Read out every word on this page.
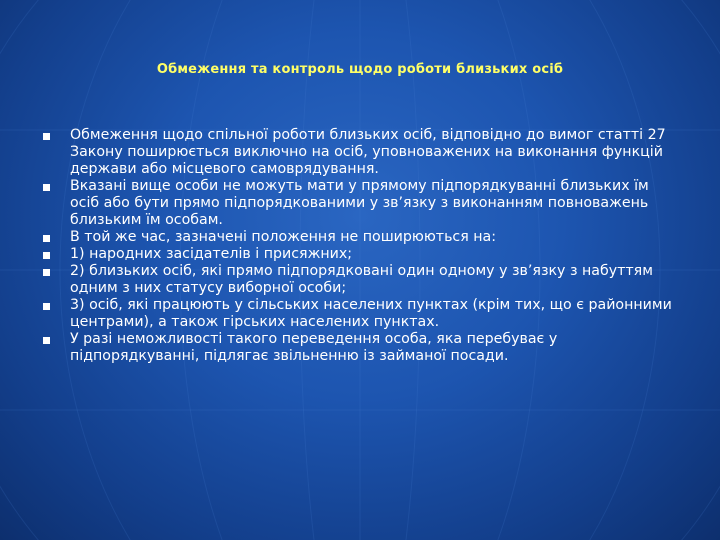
Обмеження та контроль щодо роботи близьких осіб
Обмеження щодо спільної роботи близьких осіб, відповідно до вимог статті 27 Закону поширюється виключно на осіб, уповноважених на виконання функцій держави або місцевого самоврядування.
Вказані вище особи не можуть мати у прямому підпорядкуванні близьких їм осіб або бути прямо підпорядкованими у зв’язку з виконанням повноважень близьким їм особам.
В той же час, зазначені положення не поширюються на:
1) народних засідателів і присяжних;
2) близьких осіб, які прямо підпорядковані один одному у зв’язку з набуттям одним з них статусу виборної особи;
3) осіб, які працюють у сільських населених пунктах (крім тих, що є районними центрами), а також гірських населених пунктах.
У разі неможливості такого переведення особа, яка перебуває у підпорядкуванні, підлягає звільненню із займаної посади.
